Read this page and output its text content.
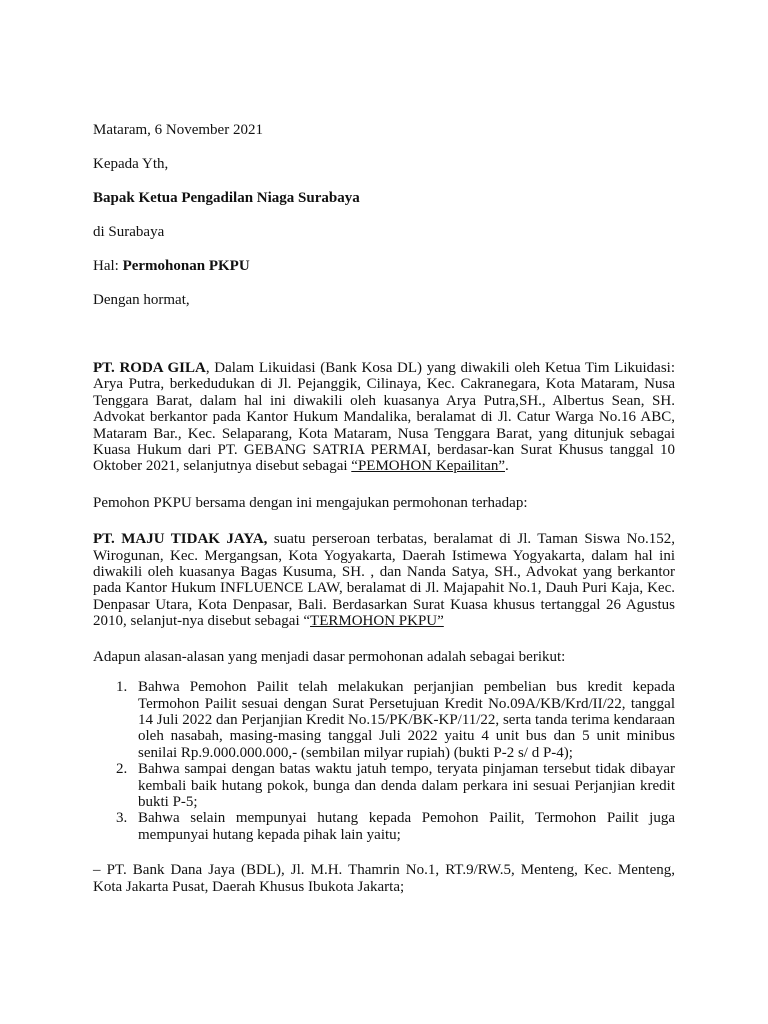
Mataram, 6 November 2021

Kepada Yth,

Bapak Ketua Pengadilan Niaga Surabaya

di Surabaya

Hal: Permohonan PKPU

Dengan hormat,

PT. RODA GILA, Dalam Likuidasi (Bank Kosa DL) yang diwakili oleh Ketua Tim Likuidasi: Arya Putra, berkedudukan di Jl. Pejanggik, Cilinaya, Kec. Cakranegara, Kota Mataram, Nusa Tenggara Barat, dalam hal ini diwakili oleh kuasanya Arya Putra,SH., Albertus Sean, SH. Advokat berkantor pada Kantor Hukum Mandalika, beralamat di Jl. Catur Warga No.16 ABC, Mataram Bar., Kec. Selaparang, Kota Mataram, Nusa Tenggara Barat, yang ditunjuk sebagai Kuasa Hukum dari PT. GEBANG SATRIA PERMAI, berdasar-kan Surat Khusus tanggal 10 Oktober 2021, selanjutnya disebut sebagai “PEMOHON Kepailitan”.

Pemohon PKPU bersama dengan ini mengajukan permohonan terhadap:

PT. MAJU TIDAK JAYA, suatu perseroan terbatas, beralamat di Jl. Taman Siswa No.152, Wirogunan, Kec. Mergangsan, Kota Yogyakarta, Daerah Istimewa Yogyakarta, dalam hal ini diwakili oleh kuasanya Bagas Kusuma, SH. , dan Nanda Satya, SH., Advokat yang berkantor pada Kantor Hukum INFLUENCE LAW, beralamat di Jl. Majapahit No.1, Dauh Puri Kaja, Kec. Denpasar Utara, Kota Denpasar, Bali. Berdasarkan Surat Kuasa khusus tertanggal 26 Agustus 2010, selanjut-nya disebut sebagai “TERMOHON PKPU”

Adapun alasan-alasan yang menjadi dasar permohonan adalah sebagai berikut:

1. Bahwa Pemohon Pailit telah melakukan perjanjian pembelian bus kredit kepada Termohon Pailit sesuai dengan Surat Persetujuan Kredit No.09A/KB/Krd/II/22, tanggal 14 Juli 2022 dan Perjanjian Kredit No.15/PK/BK-KP/11/22, serta tanda terima kendaraan oleh nasabah, masing-masing tanggal Juli 2022 yaitu 4 unit bus dan 5 unit minibus senilai Rp.9.000.000.000,- (sembilan milyar rupiah) (bukti P-2 s/ d P-4);
2. Bahwa sampai dengan batas waktu jatuh tempo, teryata pinjaman tersebut tidak dibayar kembali baik hutang pokok, bunga dan denda dalam perkara ini sesuai Perjanjian kredit bukti P-5;
3. Bahwa selain mempunyai hutang kepada Pemohon Pailit, Termohon Pailit juga mempunyai hutang kepada pihak lain yaitu;

– PT. Bank Dana Jaya (BDL), Jl. M.H. Thamrin No.1, RT.9/RW.5, Menteng, Kec. Menteng, Kota Jakarta Pusat, Daerah Khusus Ibukota Jakarta;
